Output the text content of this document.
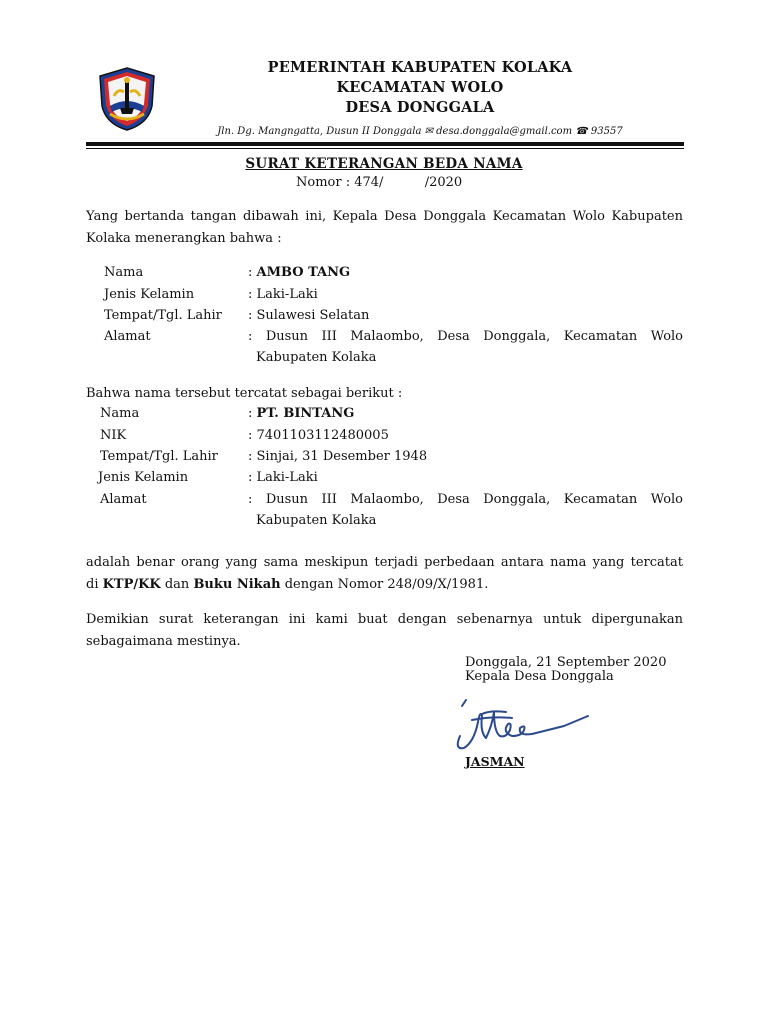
PEMERINTAH KABUPATEN KOLAKA
KECAMATAN WOLO
DESA DONGGALA
Jln. Dg. Mangngatta, Dusun II Donggala ✉ desa.donggala@gmail.com ☎ 93557
SURAT KETERANGAN BEDA NAMA
Nomor : 474/          /2020
Yang bertanda tangan dibawah ini, Kepala Desa Donggala Kecamatan Wolo Kabupaten Kolaka menerangkan bahwa :
Nama	: AMBO TANG
Jenis Kelamin	: Laki-Laki
Tempat/Tgl. Lahir : Sulawesi Selatan
Alamat	: Dusun III Malaombo, Desa Donggala, Kecamatan Wolo
Kabupaten Kolaka
Bahwa nama tersebut tercatat sebagai berikut :
Nama	: PT. BINTANG
NIK	: 7401103112480005
Tempat/Tgl. Lahir : Sinjai, 31 Desember 1948
Jenis Kelamin	: Laki-Laki
Alamat	: Dusun III Malaombo, Desa Donggala, Kecamatan Wolo
Kabupaten Kolaka
adalah benar orang yang sama meskipun terjadi perbedaan antara nama yang tercatat
di KTP/KK dan Buku Nikah dengan Nomor 248/09/X/1981.
Demikian surat keterangan ini kami buat dengan sebenarnya untuk dipergunakan sebagaimana mestinya.
Donggala, 21 September 2020
Kepala Desa Donggala
JASMAN
